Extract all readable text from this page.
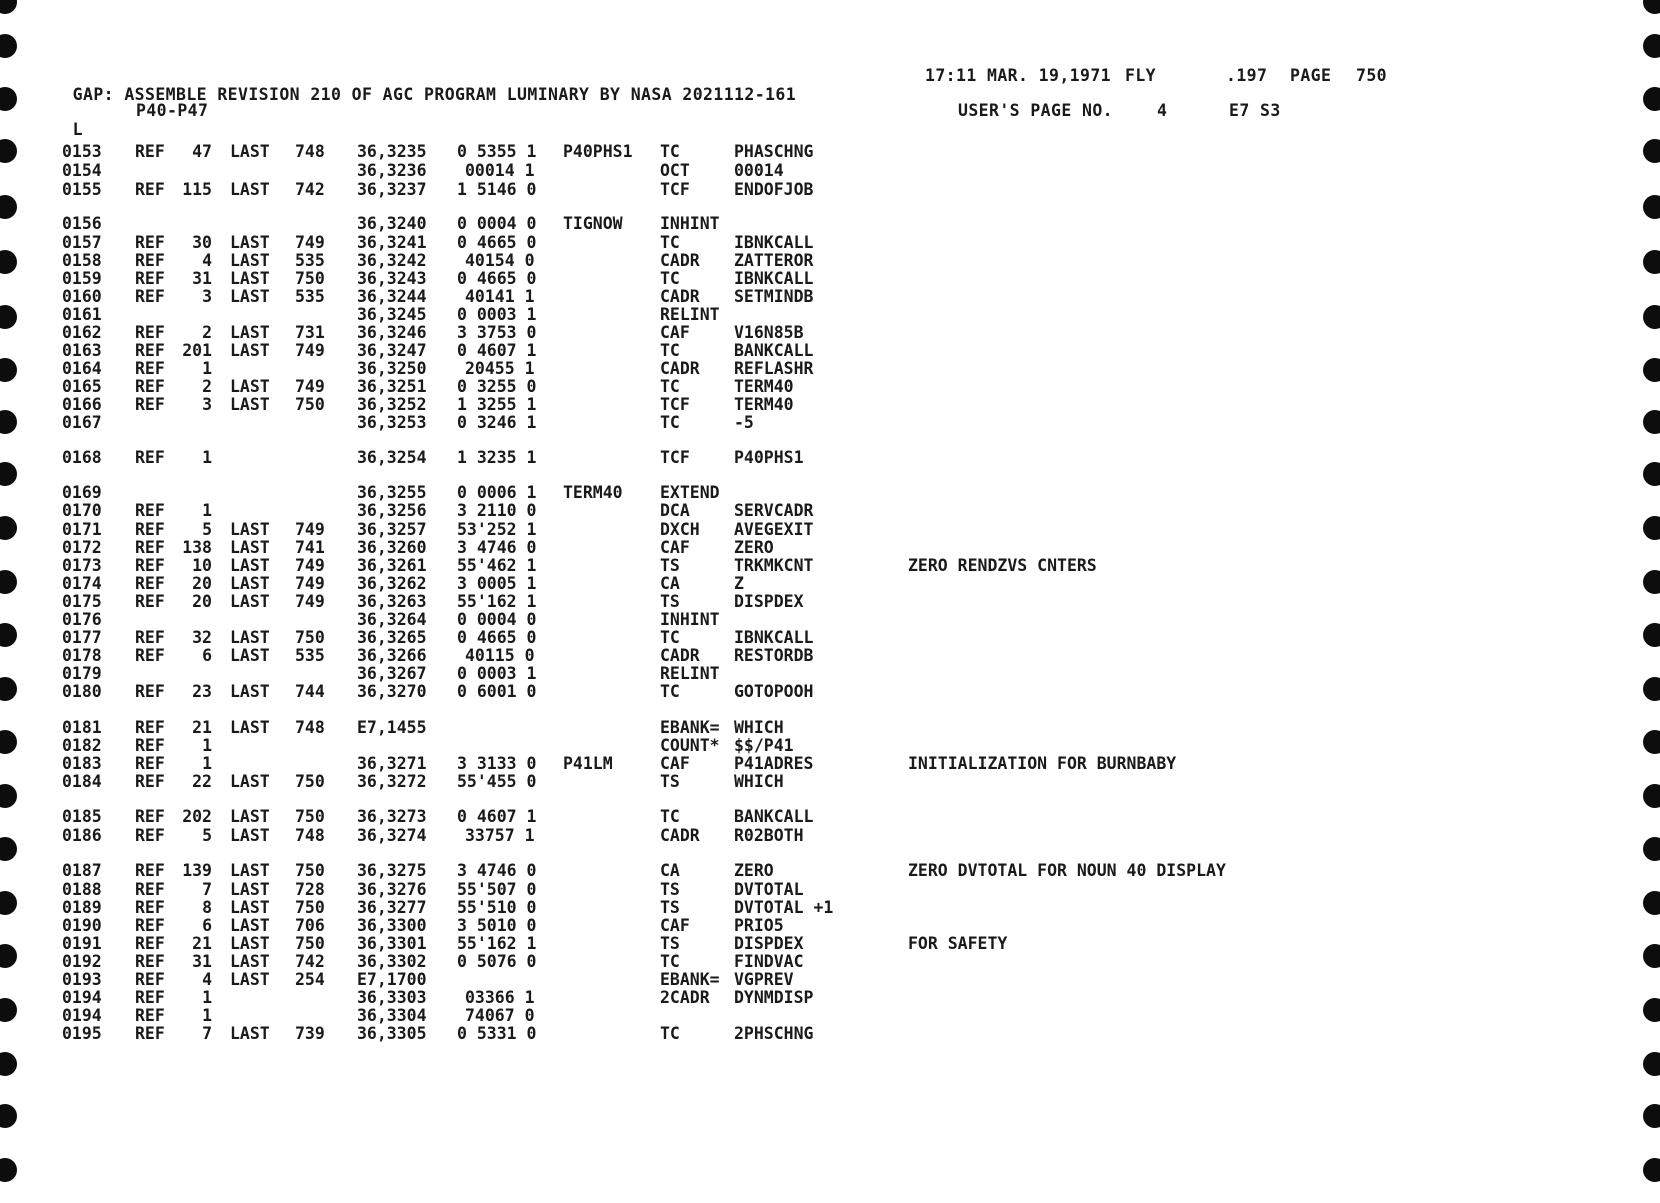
GAP: ASSEMBLE REVISION 210 OF AGC PROGRAM LUMINARY BY NASA 2021112-161

17:11 MAR. 19,1971

FLY

	.197

PAGE

750

L

P40-P47

	USER'S PAGE NO.

	4

	E7 S3

0153 REF	47 LAST 748 36,3235 0 5355 1 P40PHS1 TC	PHASCHNG
0154	36,3236 00014 1	OCT	00014
0155 REF	115 LAST 742 36,3237 1 5146 0	TCF	ENDOFJOB
0156	36,3240 0 0004 0 TIGNOW INHINT
0157 REF	30 LAST 749 36,3241 0 4665 0	TC	IBNKCALL
0158 REF	4 LAST 535 36,3242 40154 0	CADR ZATTEROR
0159 REF	31 LAST 750 36,3243 0 4665 0	TC	IBNKCALL
0160 REF	3 LAST 535 36,3244 40141 1	CADR SETMINDB
0161	36,3245 0 0003 1	RELINT
0162 REF	2 LAST 731 36,3246 3 3753 0	CAF	V16N85B
0163 REF	201 LAST 749 36,3247 0 4607 1	TC	BANKCALL
0164 REF	1	36,3250 20455 1	CADR REFLASHR
0165 REF	2 LAST 749 36,3251 0 3255 0	TC	TERM40
0166 REF	3 LAST 750 36,3252 1 3255 1	TCF	TERM40
0167	36,3253 0 3246 1	TC	-5
0168 REF	1	36,3254 1 3235 1	TCF	P40PHS1
0169	36,3255 0 0006 1 TERM40 EXTEND
0170 REF	1	36,3256 3 2110 0	DCA	SERVCADR
0171 REF	5 LAST 749 36,3257 53'252 1	DXCH AVEGEXIT
0172 REF	138 LAST 741 36,3260 3 4746 0	CAF	ZERO
0173 REF	10 LAST 749 36,3261 55'462 1	TS	TRKMKCNT	ZERO RENDZVS CNTERS
0174 REF	20 LAST 749 36,3262 3 0005 1	CA	Z
0175 REF	20 LAST 749 36,3263 55'162 1	TS	DISPDEX
0176	36,3264 0 0004 0	INHINT
0177 REF	32 LAST 750 36,3265 0 4665 0	TC	IBNKCALL
0178 REF	6 LAST 535 36,3266 40115 0	CADR RESTORDB
0179	36,3267 0 0003 1	RELINT
0180 REF	23 LAST 744 36,3270 0 6001 0	TC	GOTOPOOH
0181 REF	21 LAST 748 E7,1455	EBANK= WHICH
0182 REF	1	COUNT* $$/P41
0183 REF	1	36,3271 3 3133 0 P41LM	CAF	P41ADRES	INITIALIZATION FOR BURNBABY
0184 REF	22 LAST 750 36,3272 55'455 0	TS	WHICH
0185 REF	202 LAST 750 36,3273 0 4607 1	TC	BANKCALL
0186 REF	5 LAST 748 36,3274 33757 1	CADR R02BOTH
0187 REF	139 LAST 750 36,3275 3 4746 0	CA	ZERO	ZERO DVTOTAL FOR NOUN 40 DISPLAY
0188 REF	7 LAST 728 36,3276 55'507 0	TS	DVTOTAL
0189 REF	8 LAST 750 36,3277 55'510 0	TS	DVTOTAL +1
0190 REF	6 LAST 706 36,3300 3 5010 0	CAF	PRIO5
0191 REF	21 LAST 750 36,3301 55'162 1	TS	DISPDEX	FOR SAFETY
0192 REF	31 LAST 742 36,3302 0 5076 0	TC	FINDVAC
0193 REF	4 LAST 254 E7,1700	EBANK= VGPREV
0194 REF	1	36,3303 03366 1	2CADR DYNMDISP
0194 REF	1	36,3304 74067 0
0195 REF	7 LAST 739 36,3305 0 5331 0	TC	2PHSCHNG
